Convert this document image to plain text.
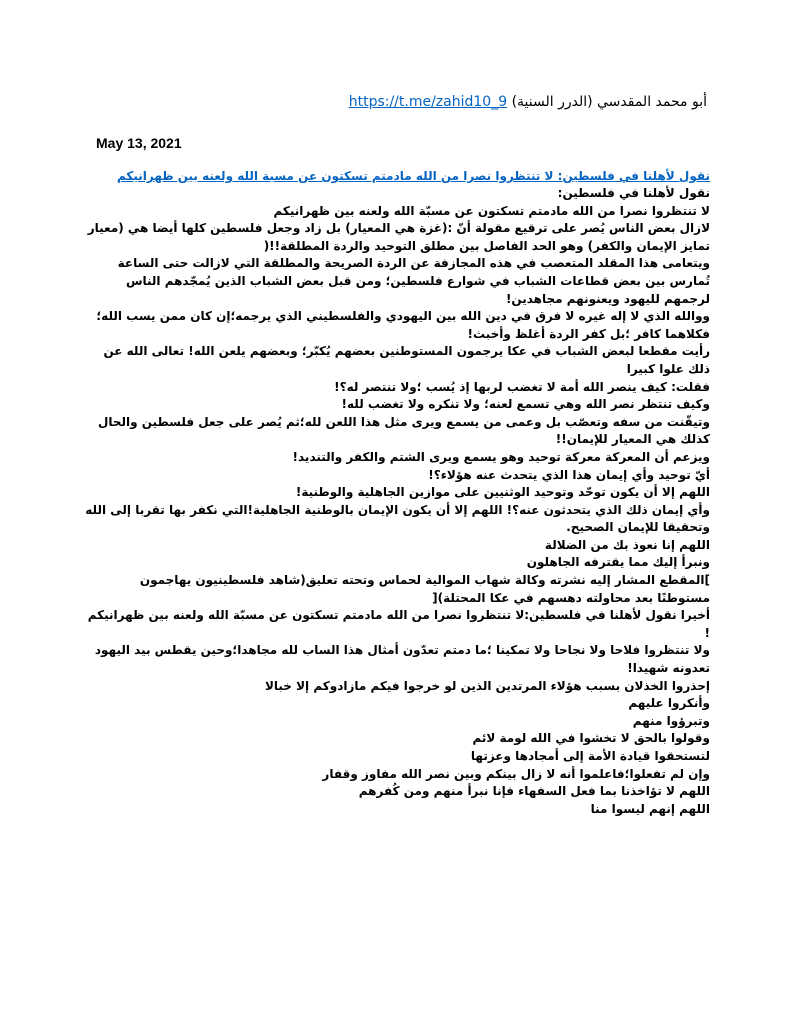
أبو محمد المقدسي (الدرر السنية) https://t.me/zahid10_9
May 13, 2021
نقول لأهلنا في فلسطين: لا تنتظروا نصرا من الله مادمتم تسكتون عن مسبة الله ولعنه بين ظهرانيكم

نقول لأهلنا في فلسطين:

لا تنتظروا نصرا من الله مادمتم تسكتون عن مسبّة الله ولعنه بين ظهرانيكم

لازال بعض الناس يُصر على ترقيع مقولة أنّ :(غزة هي المعيار) بل زاد وجعل فلسطين كلها أيضا هي (معيار تمايز الإيمان والكفر) وهو الحد الفاصل بين مطلق التوحيد والردة المطلقة!!(

ويتعامى هذا المقلد المتعصب في هذه المجازفة عن الردة الصريحة والمطلقة التي لازالت حتى الساعة تُمارس بين بعض قطاعات الشباب في شوارع فلسطين؛ ومن قبل بعض الشباب الذين يُمجّدهم الناس لرجمهم لليهود ويعنونهم مجاهدين!

ووالله الذي لا إله غيره لا فرق في دين الله بين اليهودي والفلسطيني الذي يرجمه؛إن كان ممن يسب الله؛فكلاهما كافر ؛بل كفر الردة أغلظ وأخبث!

رأيت مقطعا لبعض الشباب في عكا يرجمون المستوطنين بعضهم يُكبّر؛ وبعضهم يلعن الله! تعالى الله عن ذلك علوا كبيرا

فقلت: كيف ينصر الله أمة لا تغضب لربها إذ يُسب ؛ولا تنتصر له؟!

وكيف تنتظر نصر الله وهي تسمع لعنه؛ ولا تنكره ولا تغضب لله!

وتيقّنت من سفه وتعصّب بل وعمى من يسمع ويرى مثل هذا اللعن لله؛ثم يُصر على جعل فلسطين والحال كذلك هي المعيار للإيمان!!

ويزعم أن المعركة معركة توحيد وهو يسمع ويرى الشتم والكفر والتنديد!

أيّ توحيد وأي إيمان هذا الذي يتحدث عنه هؤلاء؟!

اللهم إلا أن يكون توحّد وتوحيد الوثنيين على موازين الجاهلية والوطنية!

وأي إيمان ذلك الذي يتحدثون عنه؟! اللهم إلا أن يكون الإيمان بالوطنية الجاهلية!التي نكفر بها تقربا إلى الله وتحقيقا للإيمان الصحيح.

اللهم إنا نعوذ بك من الضلالة

ونبرأ إليك مما يقترفه الجاهلون

]المقطع المشار إليه نشرته وكالة شهاب الموالية لحماس وتحته تعليق(شاهد فلسطينيون يهاجمون مستوطنًا بعد محاولته دهسهم في عكا المحتلة)[

أخيرا نقول لأهلنا في فلسطين:لا تنتظروا نصرا من الله مادمتم تسكتون عن مسبّة الله ولعنه بين ظهرانيكم !

ولا تنتظروا فلاحا ولا نجاحا ولا تمكينا ؛ما دمتم تعدّون أمثال هذا الساب لله مجاهدا؛وحين يقطس بيد اليهود تعدونه شهيدا!

إحذروا الخذلان بسبب هؤلاء المرتدين الذين لو خرجوا فيكم مازادوكم إلا خبالا

وأنكروا عليهم

وتبرؤوا منهم

وقولوا بالحق لا تخشوا في الله لومة لائم

لتستحقوا قيادة الأمة إلى أمجادها وعزتها

وإن لم تفعلوا؛فاعلموا أنه لا زال بينكم وبين نصر الله مفاوز وقفار

اللهم لا تؤاخذنا بما فعل السفهاء فإنا نبرأ منهم ومن كُفرهم

اللهم إنهم ليسوا منا
